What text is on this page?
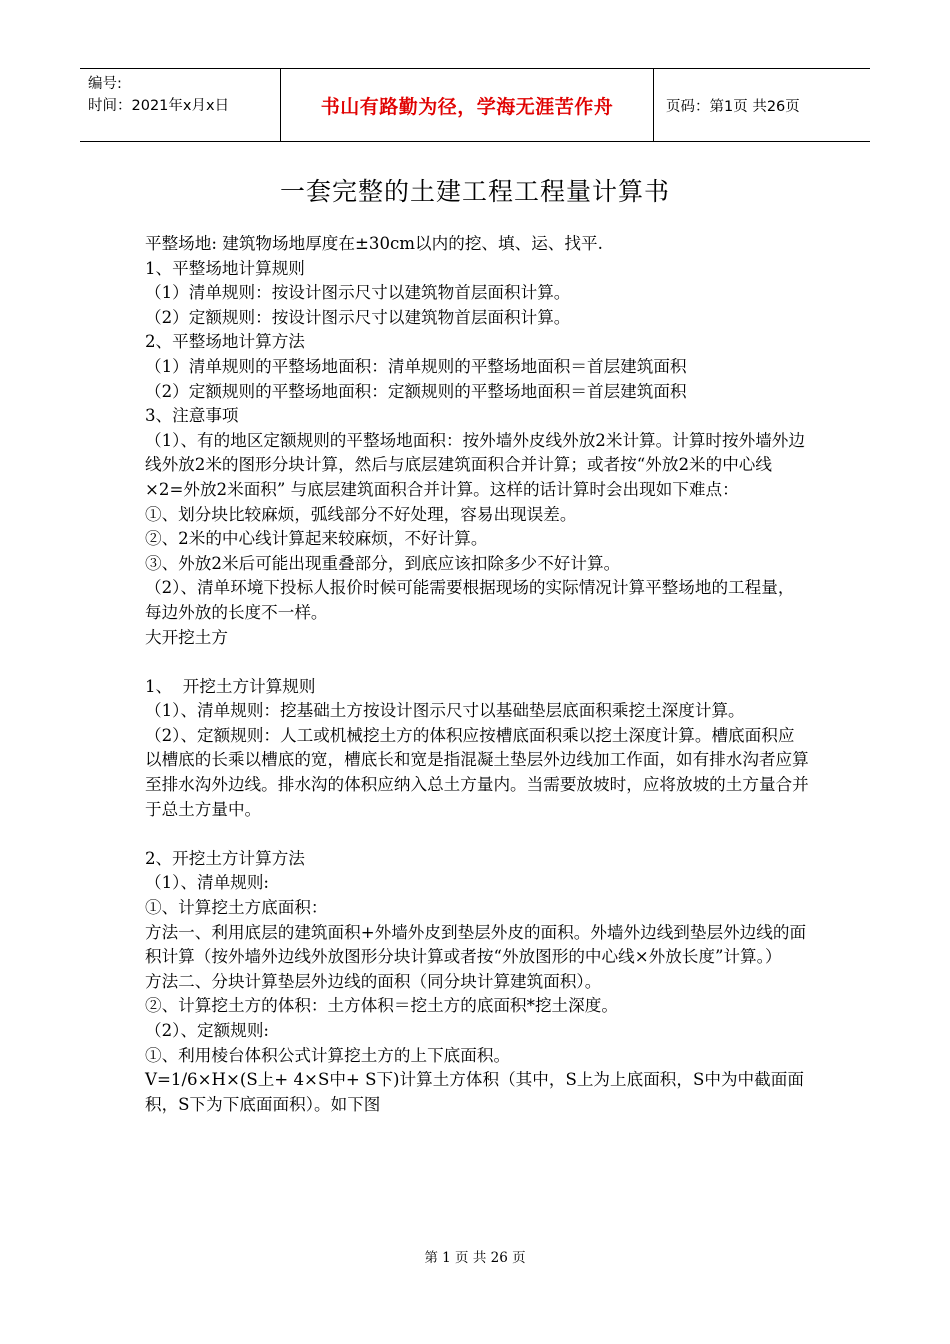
编号:
时间：2021年x月x日	书山有路勤为径，学海无涯苦作舟	页码：第1页 共26页
一套完整的土建工程工程量计算书

平整场地: 建筑物场地厚度在±30cm以内的挖、填、运、找平.

1、平整场地计算规则

（1）清单规则：按设计图示尺寸以建筑物首层面积计算。

（2）定额规则：按设计图示尺寸以建筑物首层面积计算。

2、平整场地计算方法

（1）清单规则的平整场地面积：清单规则的平整场地面积＝首层建筑面积

（2）定额规则的平整场地面积：定额规则的平整场地面积＝首层建筑面积

3、注意事项

（1）、有的地区定额规则的平整场地面积：按外墙外皮线外放2米计算。计算时按外墙外边线外放2米的图形分块计算，然后与底层建筑面积合并计算；或者按“外放2米的中心线×2=外放2米面积” 与底层建筑面积合并计算。这样的话计算时会出现如下难点：

①、划分块比较麻烦，弧线部分不好处理，容易出现误差。

②、2米的中心线计算起来较麻烦，不好计算。

③、外放2米后可能出现重叠部分，到底应该扣除多少不好计算。

（2）、清单环境下投标人报价时候可能需要根据现场的实际情况计算平整场地的工程量，每边外放的长度不一样。

大开挖土方

1、  开挖土方计算规则

（1）、清单规则：挖基础土方按设计图示尺寸以基础垫层底面积乘挖土深度计算。

（2）、定额规则：人工或机械挖土方的体积应按槽底面积乘以挖土深度计算。槽底面积应以槽底的长乘以槽底的宽，槽底长和宽是指混凝土垫层外边线加工作面，如有排水沟者应算至排水沟外边线。排水沟的体积应纳入总土方量内。当需要放坡时，应将放坡的土方量合并于总土方量中。

2、开挖土方计算方法

（1）、清单规则:

①、计算挖土方底面积：

方法一、利用底层的建筑面积+外墙外皮到垫层外皮的面积。外墙外边线到垫层外边线的面积计算（按外墙外边线外放图形分块计算或者按“外放图形的中心线×外放长度”计算。）

方法二、分块计算垫层外边线的面积（同分块计算建筑面积）。

②、计算挖土方的体积：土方体积＝挖土方的底面积*挖土深度。

（2）、定额规则:

①、利用棱台体积公式计算挖土方的上下底面积。

V=1/6×H×(S上+ 4×S中+ S下)计算土方体积（其中，S上为上底面积，S中为中截面面积，S下为下底面面积）。如下图

第 1 页 共 26 页
